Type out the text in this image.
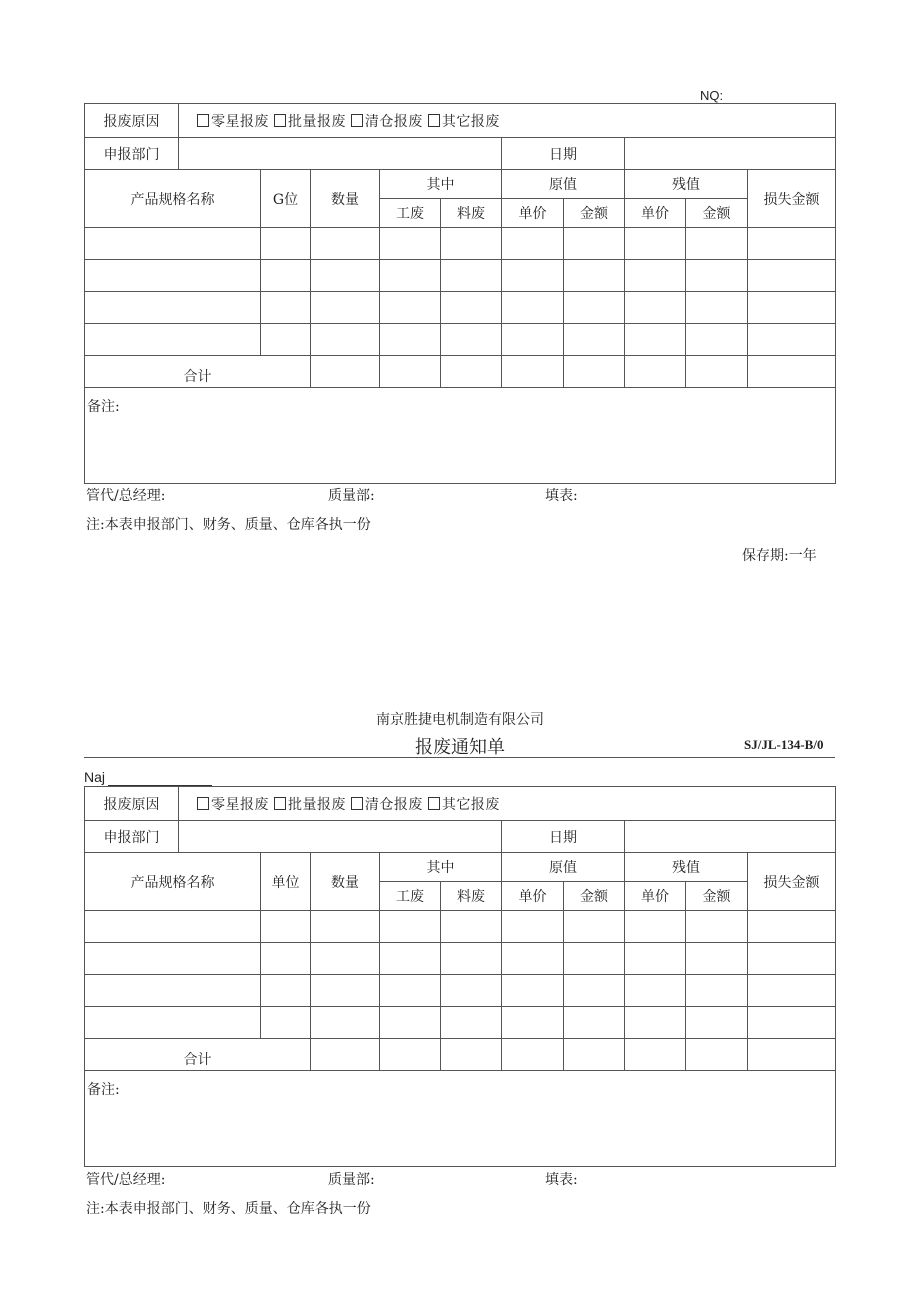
NQ:
报废原因	零星报废 批量报废 清仓报废 其它报废									
申报部门						日期				
产品规格名称		G位	数量	其中		原值		残值		损失金额
				工废	料废	单价	金额	单价	金额	

合计										
备注:										
管代/总经理:	质量部:	填表:
注:本表申报部门、财务、质量、仓库各执一份
保存期:一年
南京胜捷电机制造有限公司
报废通知单	SJ/JL-134-B/0
Naj
报废原因	零星报废 批量报废 清仓报废 其它报废									
申报部门						日期				
产品规格名称		单位	数量	其中		原值		残值		损失金额
				工废	料废	单价	金额	单价	金额	

合计										
备注:										
管代/总经理:	质量部:	填表:
注:本表申报部门、财务、质量、仓库各执一份
